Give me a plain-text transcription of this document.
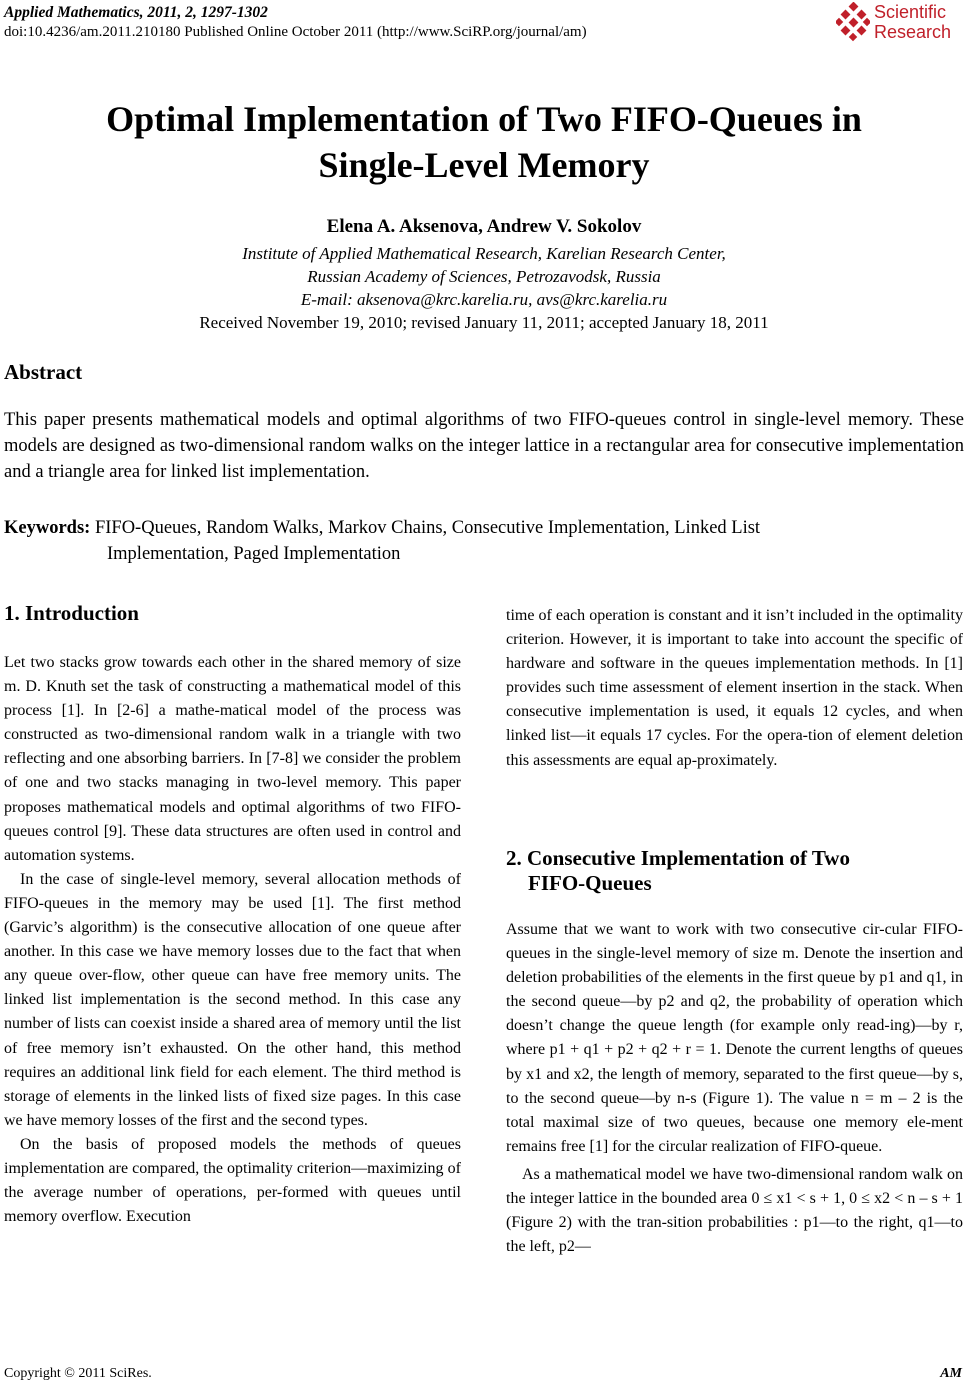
Applied Mathematics, 2011, 2, 1297-1302
doi:10.4236/am.2011.210180 Published Online October 2011 (http://www.SciRP.org/journal/am)
Scientific
Research
Optimal Implementation of Two FIFO-Queues in
Single-Level Memory
Elena A. Aksenova, Andrew V. Sokolov
Institute of Applied Mathematical Research, Karelian Research Center,
Russian Academy of Sciences, Petrozavodsk, Russia
E-mail: aksenova@krc.karelia.ru, avs@krc.karelia.ru
Received November 19, 2010; revised January 11, 2011; accepted January 18, 2011
Abstract
This paper presents mathematical models and optimal algorithms of two FIFO-queues control in single-level memory. These models are designed as two-dimensional random walks on the integer lattice in a rectangular area for consecutive implementation and a triangle area for linked list implementation.
Keywords: FIFO-Queues, Random Walks, Markov Chains, Consecutive Implementation, Linked List
Implementation, Paged Implementation
1. Introduction

Let two stacks grow towards each other in the shared memory of size m. D. Knuth set the task of constructing a mathematical model of this process [1]. In [2-6] a mathe-matical model of the process was constructed as two-dimensional random walk in a triangle with two reflecting and one absorbing barriers. In [7-8] we consider the problem of one and two stacks managing in two-level memory. This paper proposes mathematical models and optimal algorithms of two FIFO-queues control [9]. These data structures are often used in control and automation systems.

In the case of single-level memory, several allocation methods of FIFO-queues in the memory may be used [1]. The first method (Garvic’s algorithm) is the consecutive allocation of one queue after another. In this case we have memory losses due to the fact that when any queue over-flow, other queue can have free memory units. The linked list implementation is the second method. In this case any number of lists can coexist inside a shared area of memory until the list of free memory isn’t exhausted. On the other hand, this method requires an additional link field for each element. The third method is storage of elements in the linked lists of fixed size pages. In this case we have memory losses of the first and the second types.

On the basis of proposed models the methods of queues implementation are compared, the optimality criterion—maximizing of the average number of operations, per-formed with queues until memory overflow. Execution

time of each operation is constant and it isn’t included in the optimality criterion. However, it is important to take into account the specific of hardware and software in the queues implementation methods. In [1] provides such time assessment of element insertion in the stack. When consecutive implementation is used, it equals 12 cycles, and when linked list—it equals 17 cycles. For the opera-tion of element deletion this assessments are equal ap-proximately.
2. Consecutive Implementation of Two
FIFO-Queues

Assume that we want to work with two consecutive cir-cular FIFO-queues in the single-level memory of size m. Denote the insertion and deletion probabilities of the elements in the first queue by p1 and q1, in the second queue—by p2 and q2, the probability of operation which doesn’t change the queue length (for example only read-ing)—by r, where p1 + q1 + p2 + q2 + r = 1. Denote the current lengths of queues by x1 and x2, the length of memory, separated to the first queue—by s, to the second queue—by n-s (Figure 1). The value n = m – 2 is the total maximal size of two queues, because one memory ele-ment remains free [1] for the circular realization of FIFO-queue.

As a mathematical model we have two-dimensional random walk on the integer lattice in the bounded area 0 ≤ x1 < s + 1, 0 ≤ x2 < n – s + 1 (Figure 2) with the tran-sition probabilities : p1—to the right, q1—to the left, p2—

Copyright © 2011 SciRes.	AM
